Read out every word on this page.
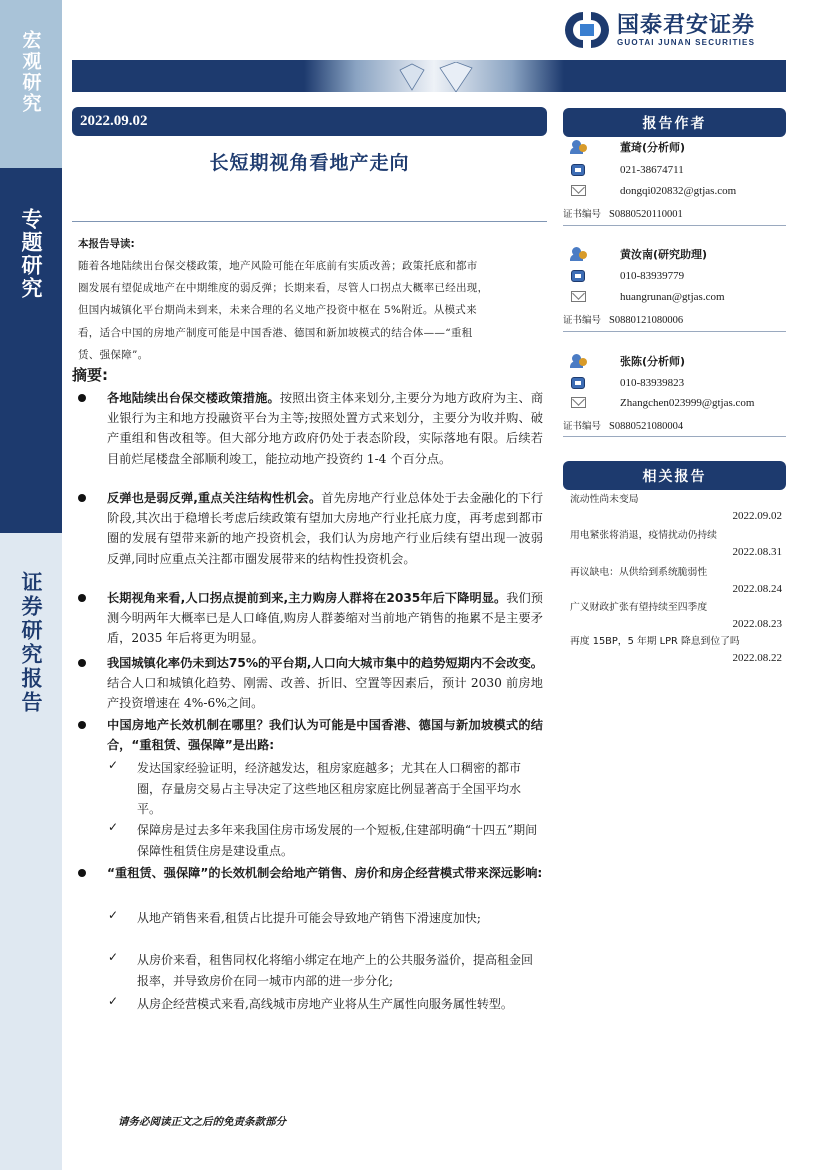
宏观研究
专题研究
证券研究报告
国泰君安证券
GUOTAI JUNAN SECURITIES
2022.09.02
长短期视角看地产走向
本报告导读:
随着各地陆续出台保交楼政策，地产风险可能在年底前有实质改善；政策托底和都市
圈发展有望促成地产在中期维度的弱反弹；长期来看，尽管人口拐点大概率已经出现，
但国内城镇化平台期尚未到来，未来合理的名义地产投资中枢在 5%附近。从模式来
看，适合中国的房地产制度可能是中国香港、德国和新加坡模式的结合体——“重租
赁、强保障”。
摘要:

各地陆续出台保交楼政策措施。按照出资主体来划分,主要分为地方政府为主、商业银行为主和地方投融资平台为主等;按照处置方式来划分，主要分为收并购、破产重组和售改租等。但大部分地方政府仍处于表态阶段，实际落地有限。后续若目前烂尾楼盘全部顺利竣工，能拉动地产投资约 1-4 个百分点。

反弹也是弱反弹,重点关注结构性机会。首先房地产行业总体处于去金融化的下行阶段,其次出于稳增长考虑后续政策有望加大房地产行业托底力度，再考虑到都市圈的发展有望带来新的地产投资机会，我们认为房地产行业后续有望出现一波弱反弹,同时应重点关注都市圈发展带来的结构性投资机会。

长期视角来看,人口拐点提前到来,主力购房人群将在2035年后下降明显。我们预测今明两年大概率已是人口峰值,购房人群萎缩对当前地产销售的拖累不是主要矛盾，2035 年后将更为明显。

我国城镇化率仍未到达75%的平台期,人口向大城市集中的趋势短期内不会改变。结合人口和城镇化趋势、刚需、改善、折旧、空置等因素后，预计 2030 前房地产投资增速在 4%-6%之间。

中国房地产长效机制在哪里？我们认为可能是中国香港、德国与新加坡模式的结合，“重租赁、强保障”是出路:

✓ 发达国家经验证明，经济越发达，租房家庭越多；尤其在人口稠密的都市圈，存量房交易占主导决定了这些地区租房家庭比例显著高于全国平均水平。

✓ 保障房是过去多年来我国住房市场发展的一个短板,住建部明确“十四五”期间保障性租赁住房是建设重点。

“重租赁、强保障”的长效机制会给地产销售、房价和房企经营模式带来深远影响:

✓ 从地产销售来看,租赁占比提升可能会导致地产销售下滑速度加快;

✓ 从房价来看，租售同权化将缩小绑定在地产上的公共服务溢价，提高租金回报率，并导致房价在同一城市内部的进一步分化;

✓ 从房企经营模式来看,高线城市房地产业将从生产属性向服务属性转型。

请务必阅读正文之后的免责条款部分
报告作者
董琦(分析师)
021-38674711
dongqi020832@gtjas.com
证书编号 S0880520110001
黄汝南(研究助理)
010-83939779
huangrunan@gtjas.com
证书编号 S0880121080006
张陈(分析师)
010-83939823
Zhangchen023999@gtjas.com
证书编号 S0880521080004
相关报告
流动性尚未变局
2022.09.02
用电紧张将消退，疫情扰动仍持续
2022.08.31
再议缺电：从供给到系统脆弱性
2022.08.24
广义财政扩张有望持续至四季度
2022.08.23
再度 15BP，5 年期 LPR 降息到位了吗
2022.08.22
